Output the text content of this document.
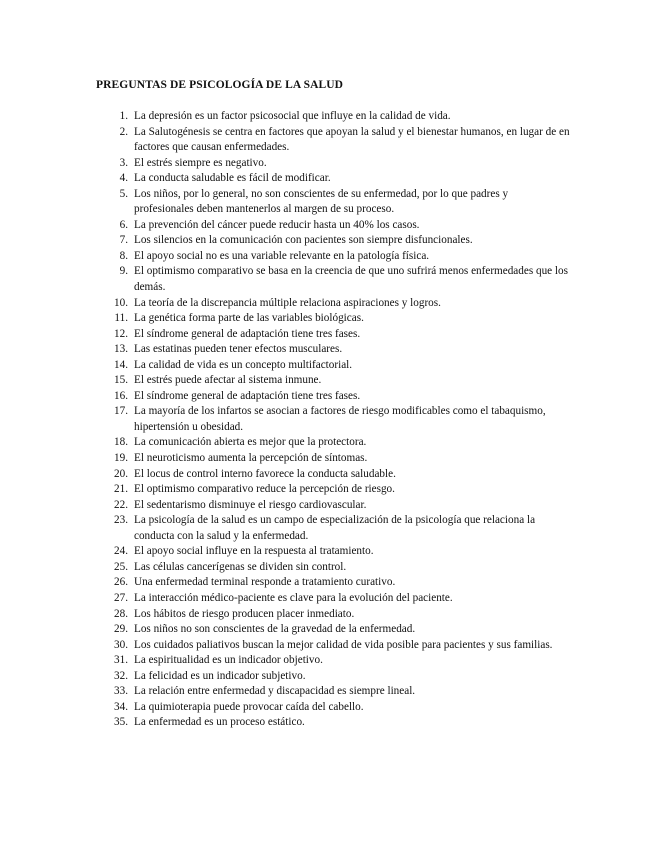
PREGUNTAS DE PSICOLOGÍA DE LA SALUD
1. La depresión es un factor psicosocial que influye en la calidad de vida.
2. La Salutogénesis se centra en factores que apoyan la salud y el bienestar humanos, en lugar de en factores que causan enfermedades.
3. El estrés siempre es negativo.
4. La conducta saludable es fácil de modificar.
5. Los niños, por lo general, no son conscientes de su enfermedad, por lo que padres y profesionales deben mantenerlos al margen de su proceso.
6. La prevención del cáncer puede reducir hasta un 40% los casos.
7. Los silencios en la comunicación con pacientes son siempre disfuncionales.
8. El apoyo social no es una variable relevante en la patología física.
9. El optimismo comparativo se basa en la creencia de que uno sufrirá menos enfermedades que los demás.
10. La teoría de la discrepancia múltiple relaciona aspiraciones y logros.
11. La genética forma parte de las variables biológicas.
12. El síndrome general de adaptación tiene tres fases.
13. Las estatinas pueden tener efectos musculares.
14. La calidad de vida es un concepto multifactorial.
15. El estrés puede afectar al sistema inmune.
16. El síndrome general de adaptación tiene tres fases.
17. La mayoría de los infartos se asocian a factores de riesgo modificables como el tabaquismo, hipertensión u obesidad.
18. La comunicación abierta es mejor que la protectora.
19. El neuroticismo aumenta la percepción de síntomas.
20. El locus de control interno favorece la conducta saludable.
21. El optimismo comparativo reduce la percepción de riesgo.
22. El sedentarismo disminuye el riesgo cardiovascular.
23. La psicología de la salud es un campo de especialización de la psicología que relaciona la conducta con la salud y la enfermedad.
24. El apoyo social influye en la respuesta al tratamiento.
25. Las células cancerígenas se dividen sin control.
26. Una enfermedad terminal responde a tratamiento curativo.
27. La interacción médico-paciente es clave para la evolución del paciente.
28. Los hábitos de riesgo producen placer inmediato.
29. Los niños no son conscientes de la gravedad de la enfermedad.
30. Los cuidados paliativos buscan la mejor calidad de vida posible para pacientes y sus familias.
31. La espiritualidad es un indicador objetivo.
32. La felicidad es un indicador subjetivo.
33. La relación entre enfermedad y discapacidad es siempre lineal.
34. La quimioterapia puede provocar caída del cabello.
35. La enfermedad es un proceso estático.
